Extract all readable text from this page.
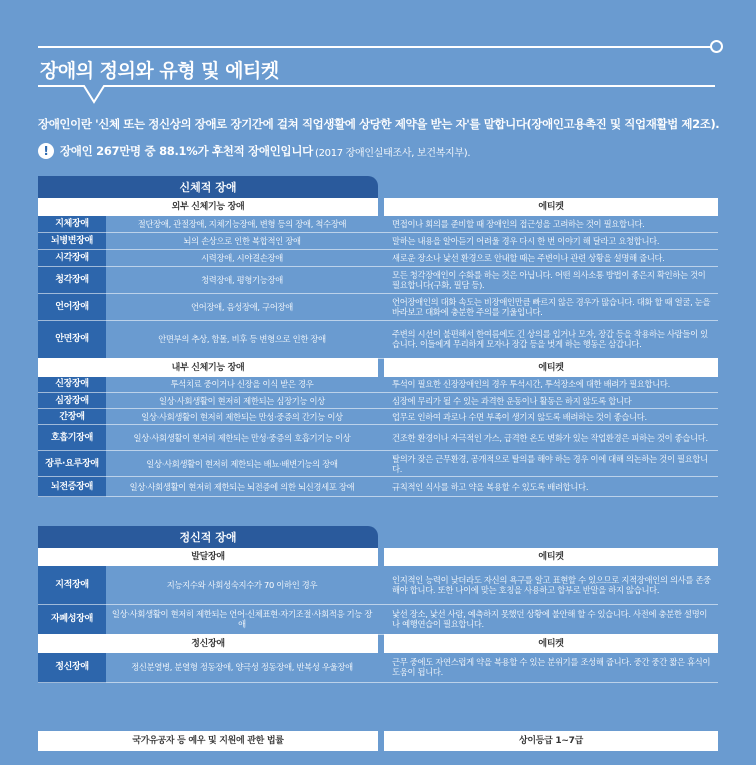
장애의 정의와 유형 및 에티켓
장애인이란 '신체 또는 정신상의 장애로 장기간에 걸쳐 직업생활에 상당한 제약을 받는 자'를 말합니다(장애인고용촉진 및 직업재활법 제2조).
! 장애인 267만명 중 88.1%가 후천적 장애인입니다 (2017 장애인실태조사, 보건복지부).
신체적 장애
외부 신체기능 장애			에티켓
지체장애	절단장애, 관절장애, 지체기능장애, 변형 등의 장애, 척수장애		면접이나 회의를 준비할 때 장애인의 접근성을 고려하는 것이 필요합니다.
뇌병변장애	뇌의 손상으로 인한 복합적인 장애		말하는 내용을 알아듣기 어려울 경우 다시 한 번 이야기 해 달라고 요청합니다.
시각장애	시력장애, 시야결손장애		새로운 장소나 낯선 환경으로 안내할 때는 주변이나 관련 상황을 설명해 줍니다.
청각장애	청력장애, 평형기능장애		모든 청각장애인이 수화를 하는 것은 아닙니다. 어떤 의사소통 방법이 좋은지 확인하는 것이 필요합니다(구화, 필담 등).
언어장애	언어장애, 음성장애, 구어장애		언어장애인의 대화 속도는 비장애인만큼 빠르지 않은 경우가 많습니다. 대화 할 때 얼굴, 눈을 바라보고 대화에 충분한 주의를 기울입니다.
안면장애	안면부의 추상, 함몰, 비후 등 변형으로 인한 장애		주변의 시선이 불편해서 한여름에도 긴 상의를 입거나 모자, 장갑 등을 착용하는 사람들이 있습니다. 이들에게 무리하게 모자나 장갑 등을 벗게 하는 행동은 삼갑니다.
내부 신체기능 장애			에티켓
신장장애	투석치료 중이거나 신장을 이식 받은 경우		투석이 필요한 신장장애인의 경우 투석시간, 투석장소에 대한 배려가 필요합니다.
심장장애	일상·사회생활이 현저히 제한되는 심장기능 이상		심장에 무리가 될 수 있는 과격한 운동이나 활동은 하지 않도록 합니다
간장애	일상·사회생활이 현저히 제한되는 만성·중증의 간기능 이상		업무로 인하여 과로나 수면 부족이 생기지 않도록 배려하는 것이 좋습니다.
호흡기장애	일상·사회생활이 현저히 제한되는 만성·중증의 호흡기기능 이상		건조한 환경이나 자극적인 가스, 급격한 온도 변화가 있는 작업환경은 피하는 것이 좋습니다.
장루·요루장애	일상·사회생활이 현저히 제한되는 배뇨·배변기능의 장애		탈의가 잦은 근무환경, 공개적으로 탈의를 해야 하는 경우 이에 대해 의논하는 것이 필요합니다.
뇌전증장애	일상·사회생활이 현저히 제한되는 뇌전증에 의한 뇌신경세포 장애		규칙적인 식사를 하고 약을 복용할 수 있도록 배려합니다.
정신적 장애
발달장애			에티켓
지적장애	지능지수와 사회성숙지수가 70 이하인 경우		인지적인 능력이 낮더라도 자신의 욕구를 알고 표현할 수 있으므로 지적장애인의 의사를 존중해야 합니다. 또한 나이에 맞는 호칭을 사용하고 합부로 반말을 하지 않습니다.
자폐성장애	일상·사회생활이 현저히 제한되는 언어·신체표현·자기조절·사회적응 기능 장애		낯선 장소, 낯선 사람, 예측하지 못했던 상황에 불안해 할 수 있습니다. 사전에 충분한 설명이나 예행연습이 필요합니다.
정신장애			에티켓
정신장애	정신분열병, 분열형 정동장애, 양극성 정동장애, 반복성 우울장애		근무 중에도 자연스럽게 약을 복용할 수 있는 분위기를 조성해 줍니다. 중간 중간 짧은 휴식이 도움이 됩니다.
국가유공자 등 예우 및 지원에 관한 법률		상이등급 1~7급
